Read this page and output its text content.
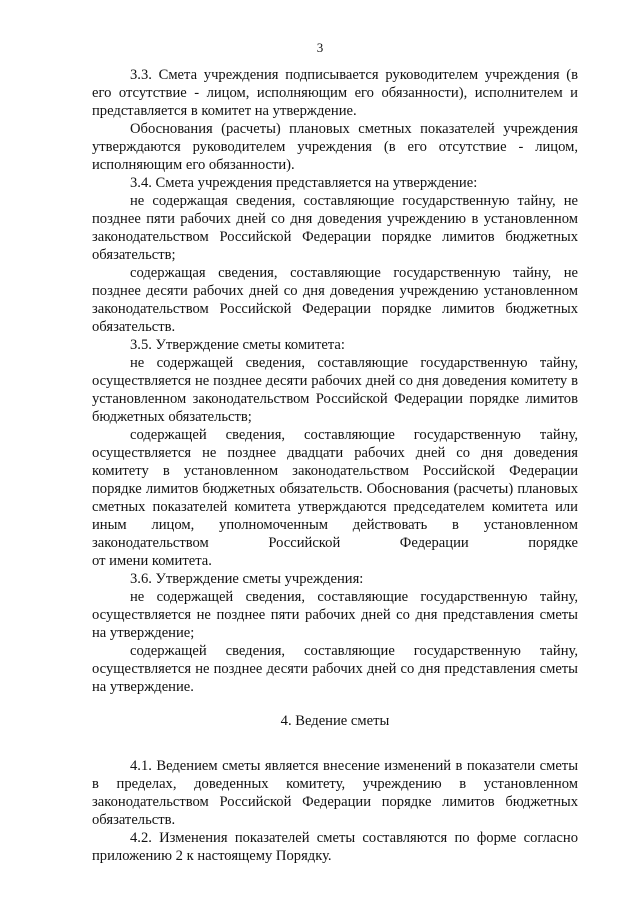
3

3.3. Смета учреждения подписывается руководителем учреждения (в его отсутствие - лицом, исполняющим его обязанности), исполнителем и представляется в комитет на утверждение.

Обоснования (расчеты) плановых сметных показателей учреждения утверждаются руководителем учреждения (в его отсутствие - лицом, исполняющим его обязанности).

3.4. Смета учреждения представляется на утверждение:

не содержащая сведения, составляющие государственную тайну, не позднее пяти рабочих дней со дня доведения учреждению в установленном законодательством Российской Федерации порядке лимитов бюджетных обязательств;

содержащая сведения, составляющие государственную тайну, не позднее десяти рабочих дней со дня доведения учреждению установленном законодательством Российской Федерации порядке лимитов бюджетных обязательств.

3.5. Утверждение сметы комитета:

не содержащей сведения, составляющие государственную тайну, осуществляется не позднее десяти рабочих дней со дня доведения комитету в установленном законодательством Российской Федерации порядке лимитов бюджетных обязательств;

содержащей сведения, составляющие государственную тайну, осуществляется не позднее двадцати рабочих дней со дня доведения комитету в установленном законодательством Российской Федерации порядке лимитов бюджетных обязательств. Обоснования (расчеты) плановых сметных показателей комитета утверждаются председателем комитета или иным лицом, уполномоченным действовать в установленном

законодательством Российской Федерации порядке

от имени комитета.

3.6. Утверждение сметы учреждения:

не содержащей сведения, составляющие государственную тайну, осуществляется не позднее пяти рабочих дней со дня представления сметы на утверждение;

содержащей сведения, составляющие государственную тайну, осуществляется не позднее десяти рабочих дней со дня представления сметы на утверждение.

4. Ведение сметы

4.1. Ведением сметы является внесение изменений в показатели сметы в пределах, доведенных комитету, учреждению в установленном законодательством Российской Федерации порядке лимитов бюджетных обязательств.

4.2. Изменения показателей сметы составляются по форме согласно приложению 2 к настоящему Порядку.
